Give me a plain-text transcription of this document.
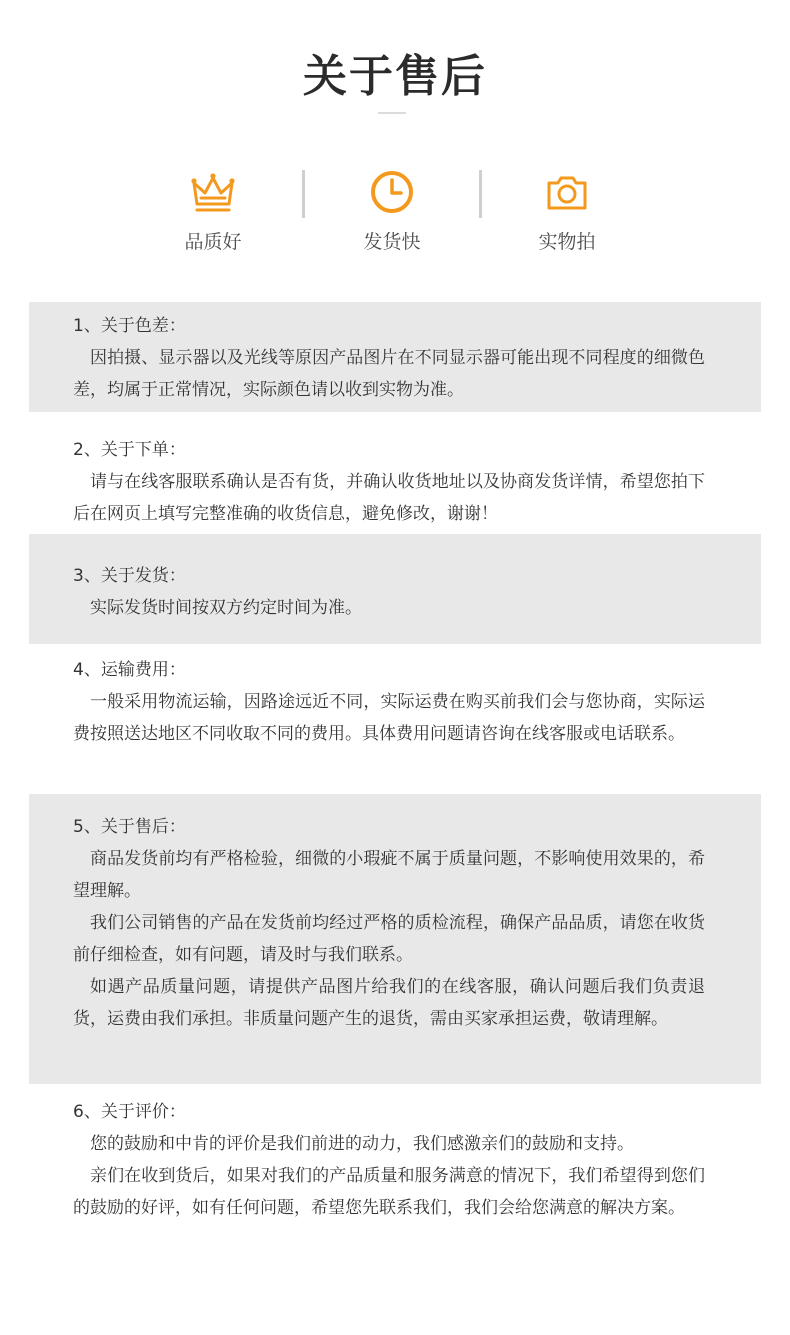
关于售后
品质好	发货快	实物拍
1、关于色差：

因拍摄、显示器以及光线等原因产品图片在不同显示器可能出现不同程度的细微色差，均属于正常情况，实际颜色请以收到实物为准。

2、关于下单：

请与在线客服联系确认是否有货，并确认收货地址以及协商发货详情，希望您拍下后在网页上填写完整准确的收货信息，避免修改，谢谢！

3、关于发货：

实际发货时间按双方约定时间为准。

4、运输费用：

一般采用物流运输，因路途远近不同，实际运费在购买前我们会与您协商，实际运费按照送达地区不同收取不同的费用。具体费用问题请咨询在线客服或电话联系。

5、关于售后：

商品发货前均有严格检验，细微的小瑕疵不属于质量问题，不影响使用效果的，希望理解。

我们公司销售的产品在发货前均经过严格的质检流程，确保产品品质，请您在收货前仔细检查，如有问题，请及时与我们联系。

如遇产品质量问题，请提供产品图片给我们的在线客服，确认问题后我们负责退货，运费由我们承担。非质量问题产生的退货，需由买家承担运费，敬请理解。

6、关于评价：

您的鼓励和中肯的评价是我们前进的动力，我们感激亲们的鼓励和支持。

亲们在收到货后，如果对我们的产品质量和服务满意的情况下，我们希望得到您们的鼓励的好评，如有任何问题，希望您先联系我们，我们会给您满意的解决方案。
